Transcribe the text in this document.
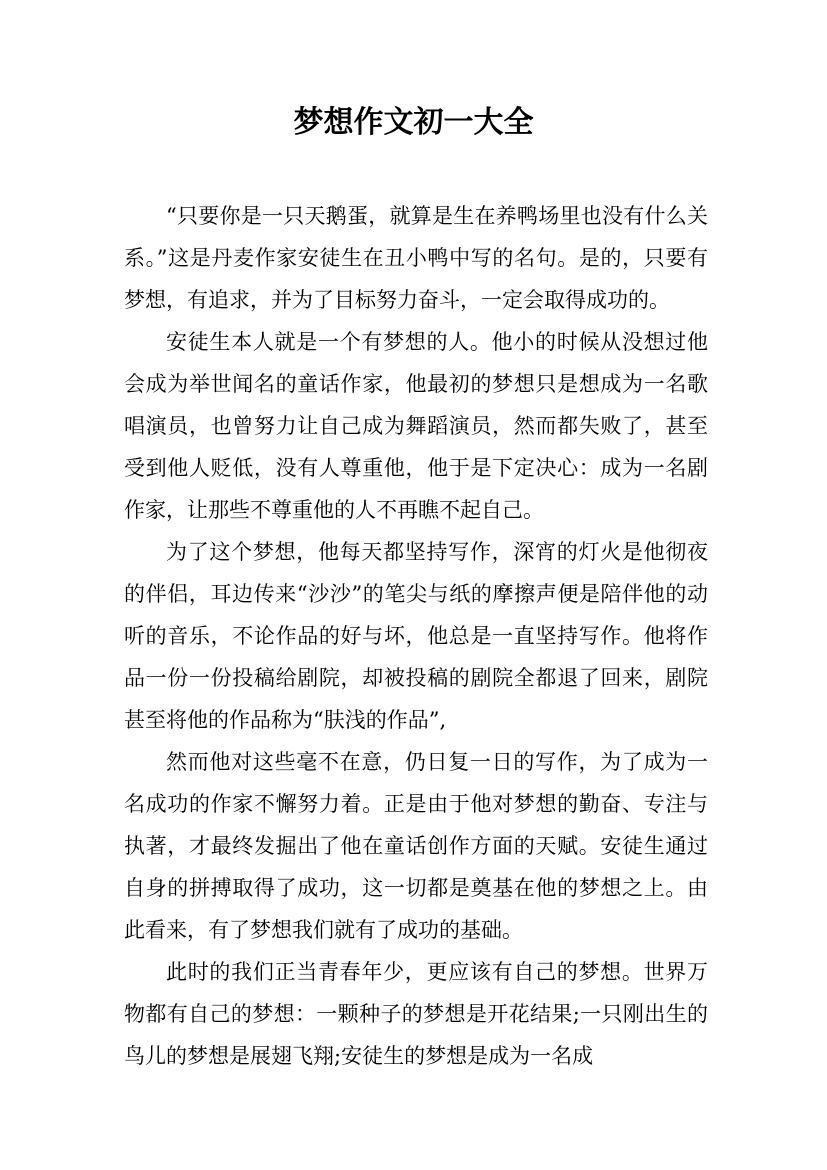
梦想作文初一大全

“只要你是一只天鹅蛋，就算是生在养鸭场里也没有什么关系。”这是丹麦作家安徒生在丑小鸭中写的名句。是的，只要有梦想，有追求，并为了目标努力奋斗，一定会取得成功的。

安徒生本人就是一个有梦想的人。他小的时候从没想过他会成为举世闻名的童话作家，他最初的梦想只是想成为一名歌唱演员，也曾努力让自己成为舞蹈演员，然而都失败了，甚至受到他人贬低，没有人尊重他，他于是下定决心：成为一名剧作家，让那些不尊重他的人不再瞧不起自己。

为了这个梦想，他每天都坚持写作，深宵的灯火是他彻夜的伴侣，耳边传来“沙沙”的笔尖与纸的摩擦声便是陪伴他的动听的音乐，不论作品的好与坏，他总是一直坚持写作。他将作品一份一份投稿给剧院，却被投稿的剧院全都退了回来，剧院甚至将他的作品称为“肤浅的作品”,

然而他对这些毫不在意，仍日复一日的写作，为了成为一名成功的作家不懈努力着。正是由于他对梦想的勤奋、专注与执著，才最终发掘出了他在童话创作方面的天赋。安徒生通过自身的拼搏取得了成功，这一切都是奠基在他的梦想之上。由此看来，有了梦想我们就有了成功的基础。

此时的我们正当青春年少，更应该有自己的梦想。世界万物都有自己的梦想：一颗种子的梦想是开花结果;一只刚出生的鸟儿的梦想是展翅飞翔;安徒生的梦想是成为一名成
